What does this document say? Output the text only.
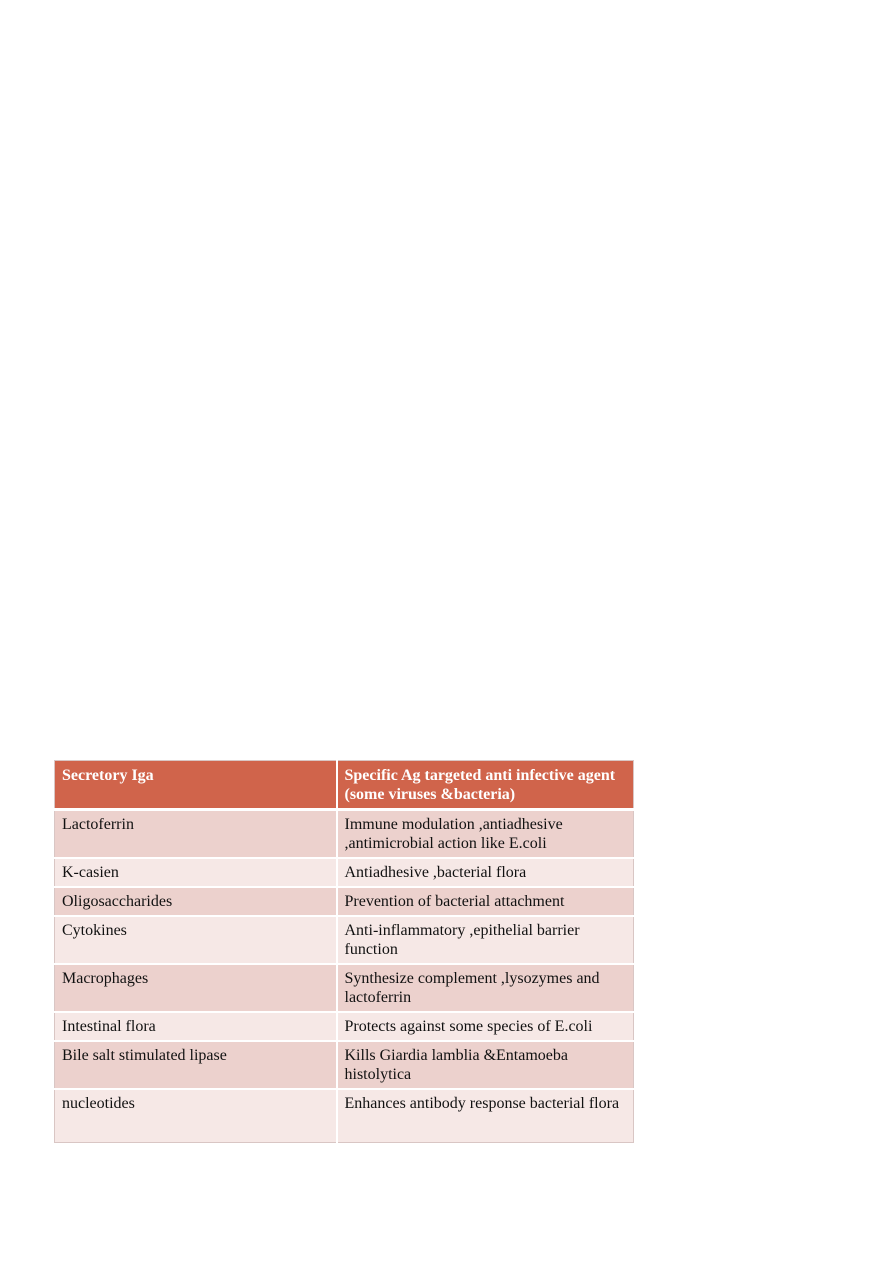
Secretory Iga	Specific Ag targeted anti infective agent (some viruses &bacteria)
Lactoferrin	Immune modulation ,antiadhesive ,antimicrobial action like E.coli
K-casien	Antiadhesive ,bacterial flora
Oligosaccharides	Prevention of bacterial attachment
Cytokines	Anti-inflammatory ,epithelial barrier function
Macrophages	Synthesize complement ,lysozymes and lactoferrin
Intestinal flora	Protects against some species of E.coli
Bile salt stimulated lipase	Kills Giardia lamblia &Entamoeba histolytica
nucleotides	Enhances antibody response bacterial flora
